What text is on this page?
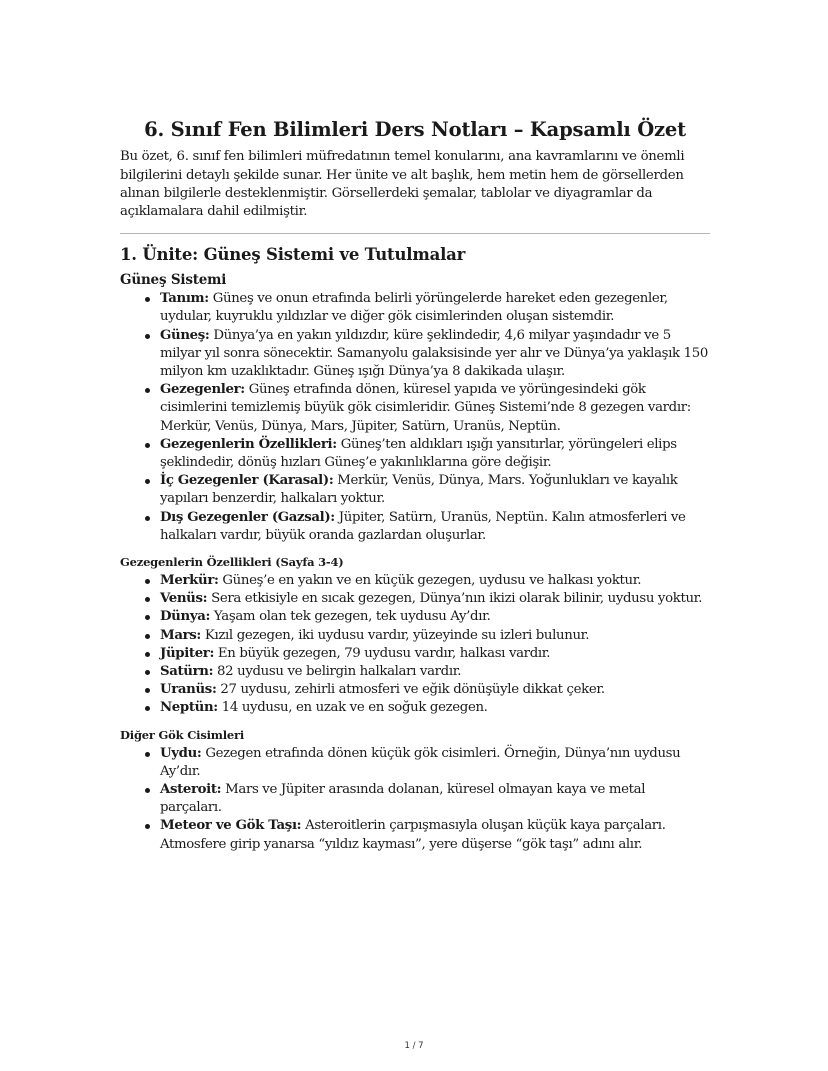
6. Sınıf Fen Bilimleri Ders Notları – Kapsamlı Özet

Bu özet, 6. sınıf fen bilimleri müfredatının temel konularını, ana kavramlarını ve önemli bilgilerini detaylı şekilde sunar. Her ünite ve alt başlık, hem metin hem de görsellerden alınan bilgilerle desteklenmiştir. Görsellerdeki şemalar, tablolar ve diyagramlar da açıklamalara dahil edilmiştir.

1. Ünite: Güneş Sistemi ve Tutulmalar
Güneş Sistemi
Tanım: Güneş ve onun etrafında belirli yörüngelerde hareket eden gezegenler, uydular, kuyruklu yıldızlar ve diğer gök cisimlerinden oluşan sistemdir.
Güneş: Dünya’ya en yakın yıldızdır, küre şeklindedir, 4,6 milyar yaşındadır ve 5 milyar yıl sonra sönecektir. Samanyolu galaksisinde yer alır ve Dünya’ya yaklaşık 150 milyon km uzaklıktadır. Güneş ışığı Dünya’ya 8 dakikada ulaşır.
Gezegenler: Güneş etrafında dönen, küresel yapıda ve yörüngesindeki gök cisimlerini temizlemiş büyük gök cisimleridir. Güneş Sistemi’nde 8 gezegen vardır: Merkür, Venüs, Dünya, Mars, Jüpiter, Satürn, Uranüs, Neptün.
Gezegenlerin Özellikleri: Güneş’ten aldıkları ışığı yansıtırlar, yörüngeleri elips şeklindedir, dönüş hızları Güneş’e yakınlıklarına göre değişir.
İç Gezegenler (Karasal): Merkür, Venüs, Dünya, Mars. Yoğunlukları ve kayalık yapıları benzerdir, halkaları yoktur.
Dış Gezegenler (Gazsal): Jüpiter, Satürn, Uranüs, Neptün. Kalın atmosferleri ve halkaları vardır, büyük oranda gazlardan oluşurlar.
Gezegenlerin Özellikleri (Sayfa 3-4)
Merkür: Güneş’e en yakın ve en küçük gezegen, uydusu ve halkası yoktur.
Venüs: Sera etkisiyle en sıcak gezegen, Dünya’nın ikizi olarak bilinir, uydusu yoktur.
Dünya: Yaşam olan tek gezegen, tek uydusu Ay’dır.
Mars: Kızıl gezegen, iki uydusu vardır, yüzeyinde su izleri bulunur.
Jüpiter: En büyük gezegen, 79 uydusu vardır, halkası vardır.
Satürn: 82 uydusu ve belirgin halkaları vardır.
Uranüs: 27 uydusu, zehirli atmosferi ve eğik dönüşüyle dikkat çeker.
Neptün: 14 uydusu, en uzak ve en soğuk gezegen.
Diğer Gök Cisimleri
Uydu: Gezegen etrafında dönen küçük gök cisimleri. Örneğin, Dünya’nın uydusu Ay’dır.
Asteroit: Mars ve Jüpiter arasında dolanan, küresel olmayan kaya ve metal parçaları.
Meteor ve Gök Taşı: Asteroitlerin çarpışmasıyla oluşan küçük kaya parçaları. Atmosfere girip yanarsa “yıldız kayması”, yere düşerse “gök taşı” adını alır.
1 / 7
